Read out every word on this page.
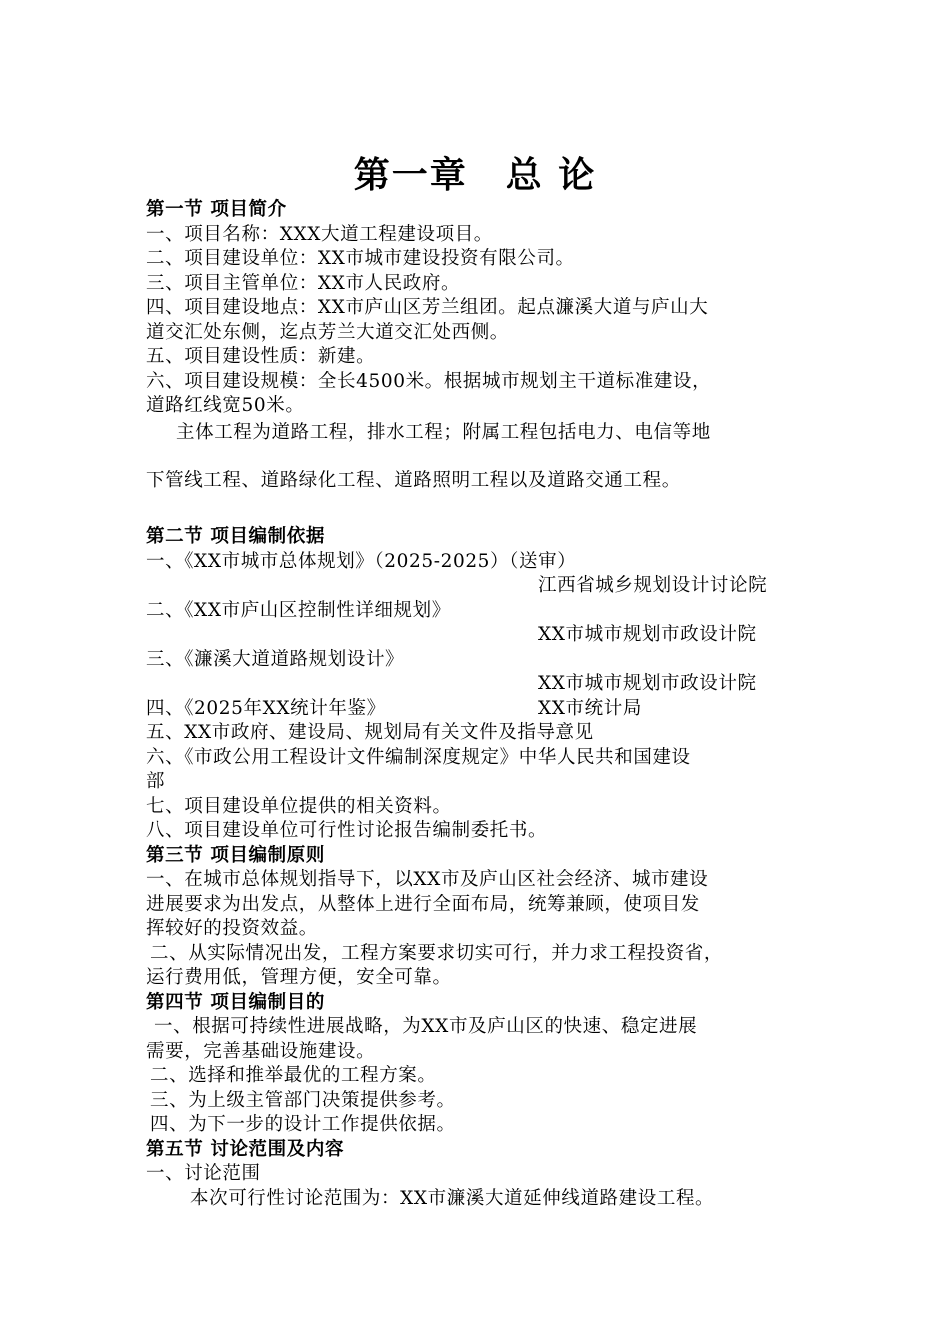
第一章　总 论
第一节 项目简介
一、项目名称：XXX大道工程建设项目。
二、项目建设单位：XX市城市建设投资有限公司。
三、项目主管单位：XX市人民政府。
四、项目建设地点：XX市庐山区芳兰组团。起点濂溪大道与庐山大
道交汇处东侧，迄点芳兰大道交汇处西侧。
五、项目建设性质：新建。
六、项目建设规模：全长4500米。根据城市规划主干道标准建设，
道路红线宽50米。
主体工程为道路工程，排水工程；附属工程包括电力、电信等地
下管线工程、道路绿化工程、道路照明工程以及道路交通工程。
第二节 项目编制依据
一、《XX市城市总体规划》（2025-2025）（送审）
江西省城乡规划设计讨论院
二、《XX市庐山区控制性详细规划》
XX市城市规划市政设计院
三、《濂溪大道道路规划设计》
XX市城市规划市政设计院
四、《2025年XX统计年鉴》	XX市统计局
五、XX市政府、建设局、规划局有关文件及指导意见
六、《市政公用工程设计文件编制深度规定》中华人民共和国建设
部
七、项目建设单位提供的相关资料。
八、项目建设单位可行性讨论报告编制委托书。
第三节 项目编制原则
一、在城市总体规划指导下，以XX市及庐山区社会经济、城市建设
进展要求为出发点，从整体上进行全面布局，统筹兼顾，使项目发
挥较好的投资效益。
二、从实际情况出发，工程方案要求切实可行，并力求工程投资省，
运行费用低，管理方便，安全可靠。
第四节 项目编制目的
一、根据可持续性进展战略，为XX市及庐山区的快速、稳定进展
需要，完善基础设施建设。
二、选择和推举最优的工程方案。
三、为上级主管部门决策提供参考。
四、为下一步的设计工作提供依据。
第五节 讨论范围及内容
一、讨论范围
本次可行性讨论范围为：XX市濂溪大道延伸线道路建设工程。
